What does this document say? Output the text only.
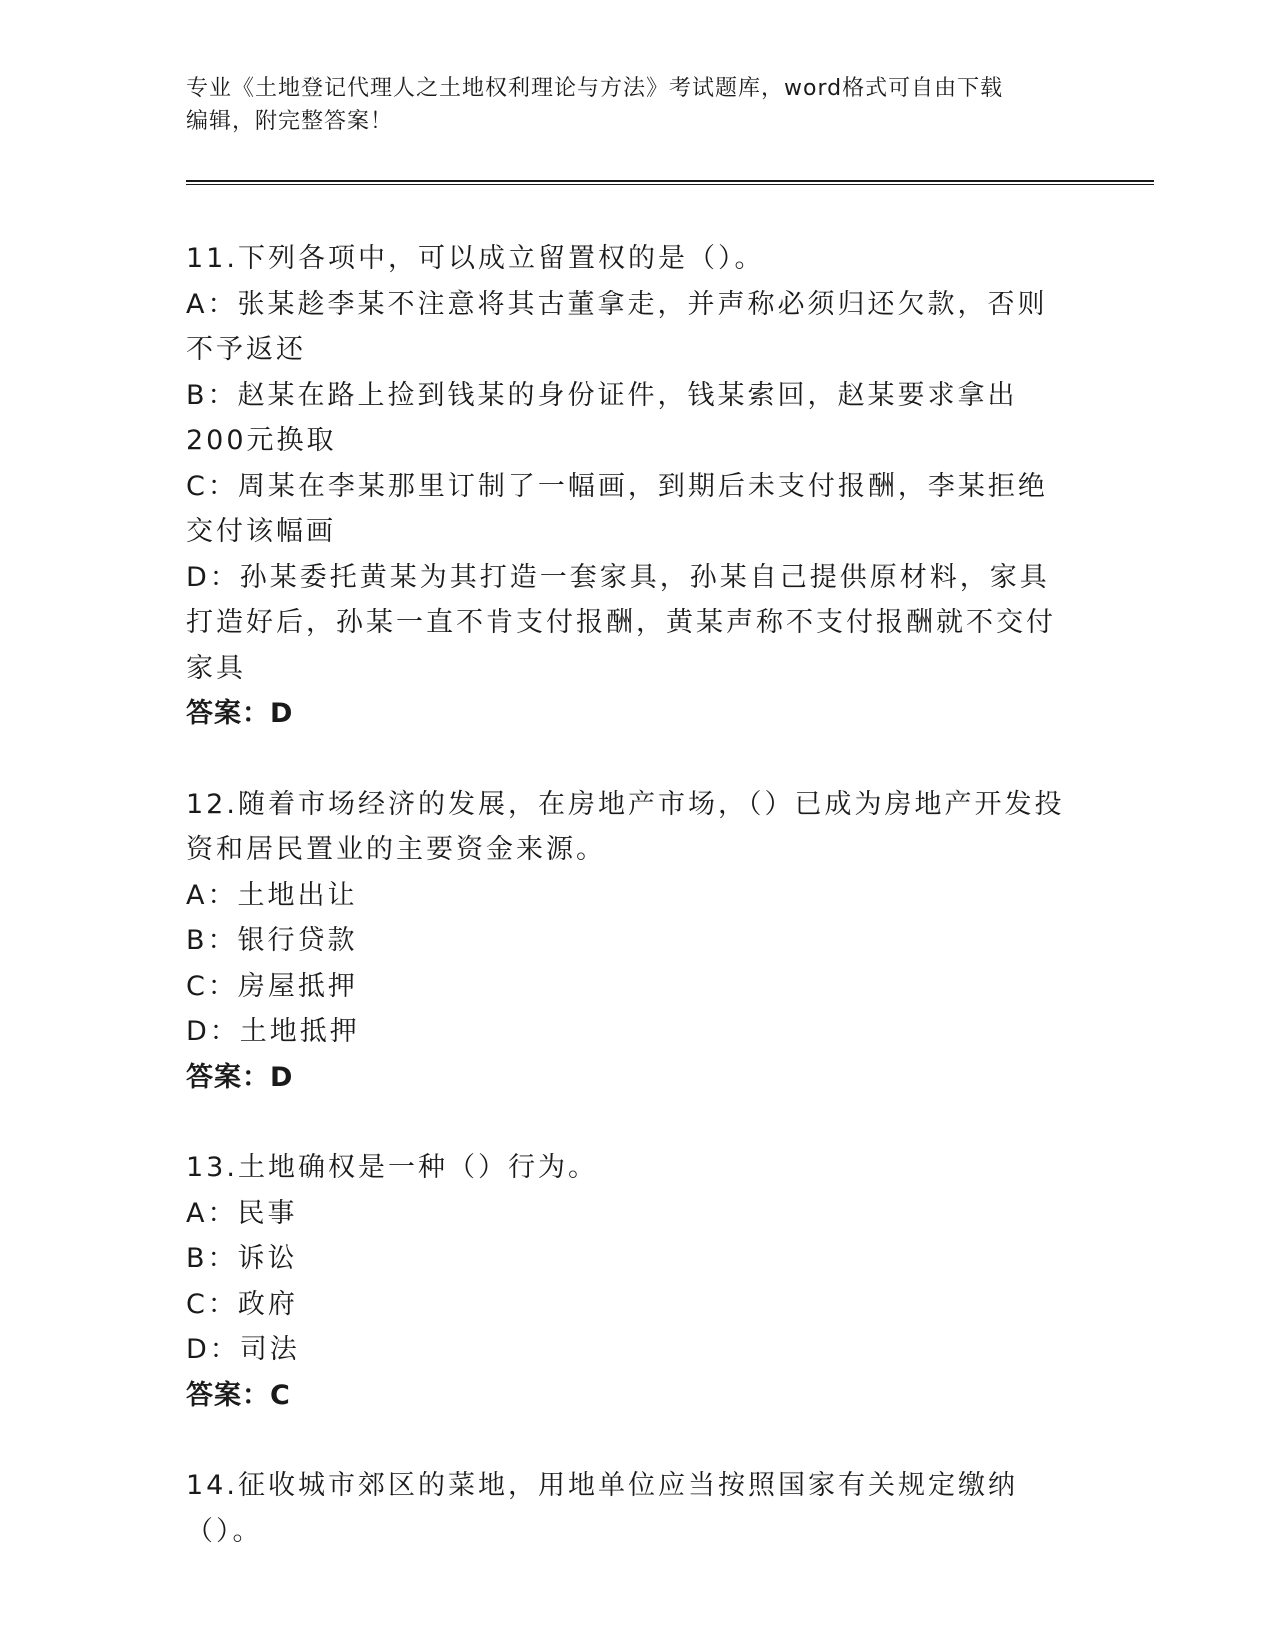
专业《土地登记代理人之土地权利理论与方法》考试题库，word格式可自由下载
编辑，附完整答案！

11.下列各项中，可以成立留置权的是（）。

A：张某趁李某不注意将其古董拿走，并声称必须归还欠款，否则不予返还

B：赵某在路上捡到钱某的身份证件，钱某索回，赵某要求拿出200元换取

C：周某在李某那里订制了一幅画，到期后未支付报酬，李某拒绝交付该幅画

D：孙某委托黄某为其打造一套家具，孙某自己提供原材料，家具打造好后，孙某一直不肯支付报酬，黄某声称不支付报酬就不交付家具

答案：D

12.随着市场经济的发展，在房地产市场，（）已成为房地产开发投资和居民置业的主要资金来源。

A：土地出让

B：银行贷款

C：房屋抵押

D：土地抵押

答案：D

13.土地确权是一种（）行为。

A：民事

B：诉讼

C：政府

D：司法

答案：C

14.征收城市郊区的菜地，用地单位应当按照国家有关规定缴纳（）。
